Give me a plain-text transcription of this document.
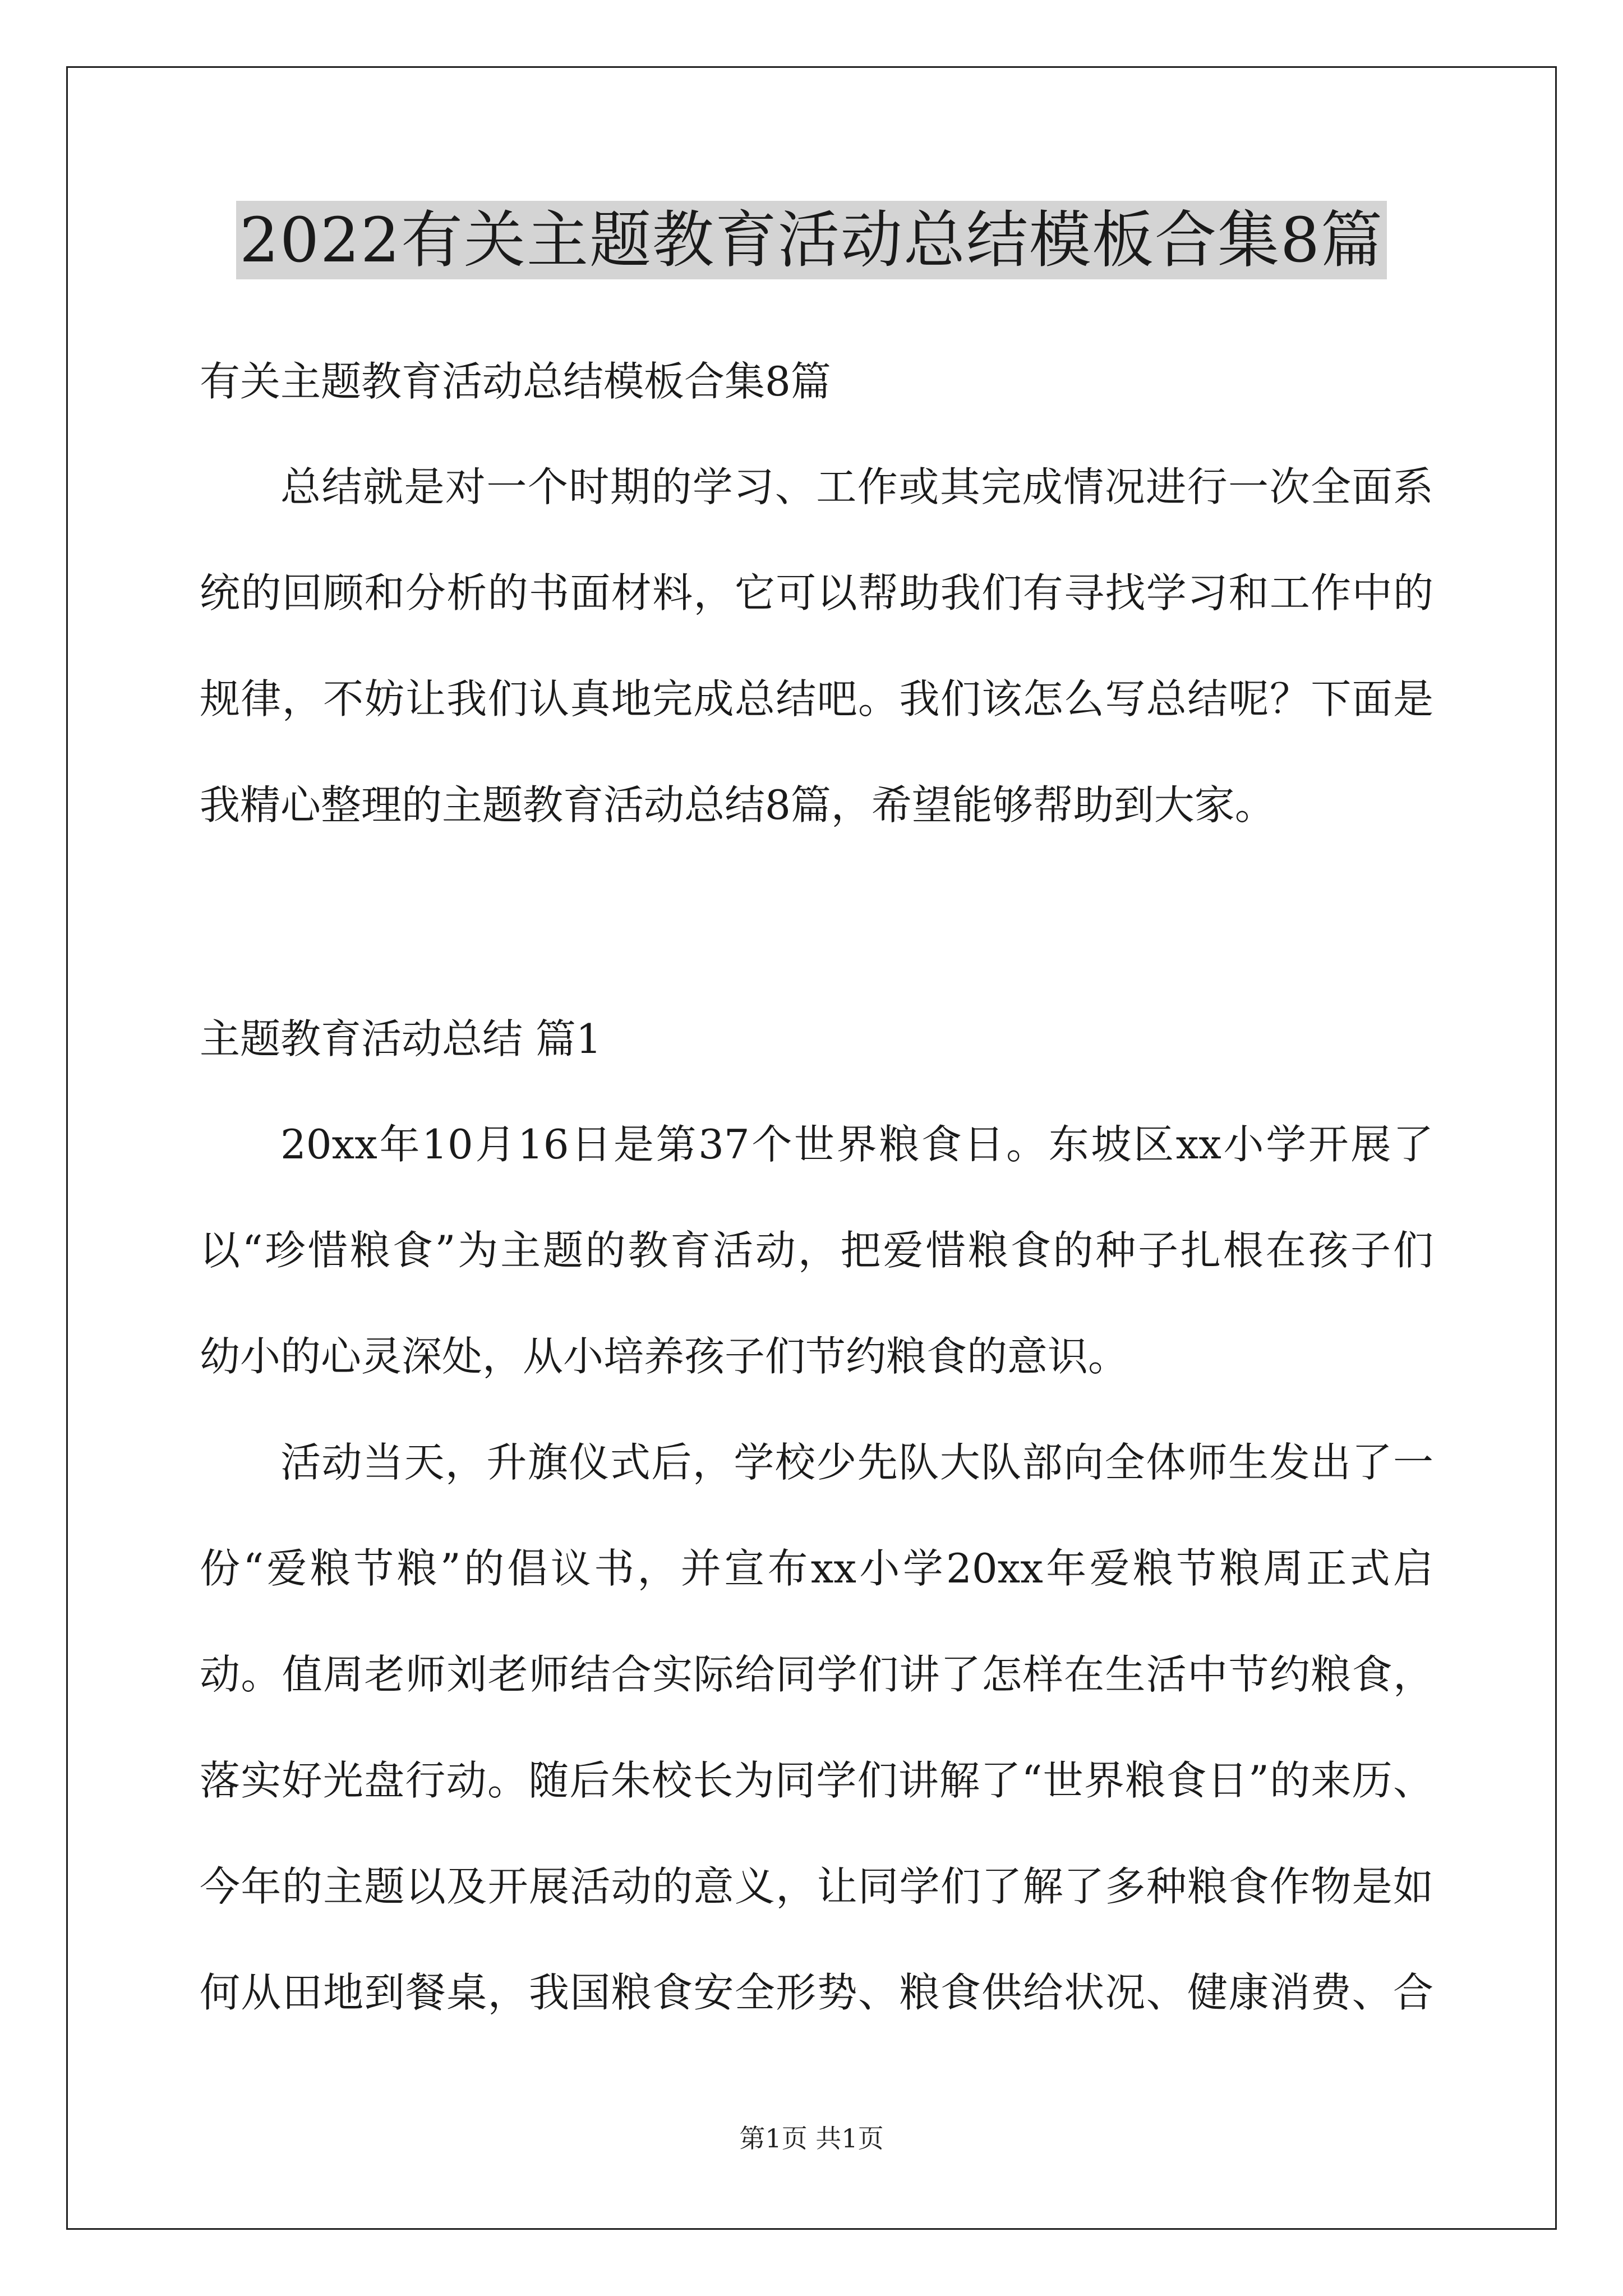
2022有关主题教育活动总结模板合集8篇
有关主题教育活动总结模板合集8篇
总结就是对一个时期的学习、工作或其完成情况进行一次全面系
统的回顾和分析的书面材料，它可以帮助我们有寻找学习和工作中的
规律，不妨让我们认真地完成总结吧。我们该怎么写总结呢？下面是
我精心整理的主题教育活动总结8篇，希望能够帮助到大家。
主题教育活动总结 篇1
20xx年10月16日是第37个世界粮食日。东坡区xx小学开展了
以“珍惜粮食”为主题的教育活动，把爱惜粮食的种子扎根在孩子们
幼小的心灵深处，从小培养孩子们节约粮食的意识。
活动当天，升旗仪式后，学校少先队大队部向全体师生发出了一
份“爱粮节粮”的倡议书，并宣布xx小学20xx年爱粮节粮周正式启
动。值周老师刘老师结合实际给同学们讲了怎样在生活中节约粮食，
落实好光盘行动。随后朱校长为同学们讲解了“世界粮食日”的来历、
今年的主题以及开展活动的意义，让同学们了解了多种粮食作物是如
何从田地到餐桌，我国粮食安全形势、粮食供给状况、健康消费、合
第1页 共1页
